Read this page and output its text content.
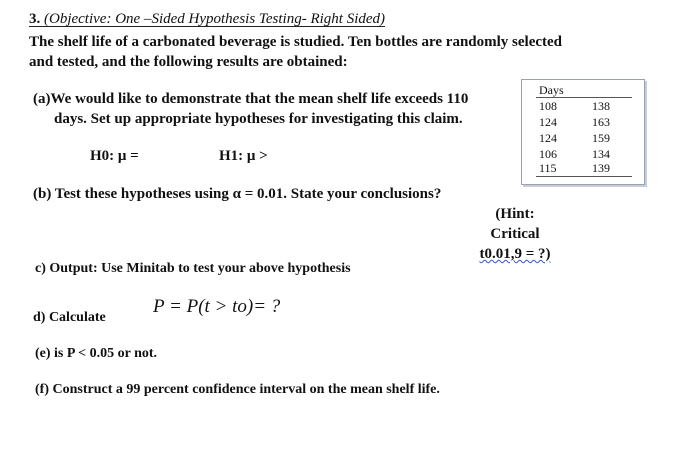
3. (Objective: One –Sided Hypothesis Testing- Right Sided)
The shelf life of a carbonated beverage is studied. Ten bottles are randomly selected
and tested, and the following results are obtained:
(a)We would like to demonstrate that the mean shelf life exceeds 110
days. Set up appropriate hypotheses for investigating this claim.
H0: μ =	H1: μ >
(b) Test these hypotheses using α = 0.01. State your conclusions?
(Hint:
Critical
t0.01,9 = ?)
c) Output: Use Minitab to test your above hypothesis
d) Calculate
P = P(t > to)= ?
(e) is P < 0.05 or not.
(f) Construct a 99 percent confidence interval on the mean shelf life.
Days
108	138
124	163
124	159
106	134
115	139
